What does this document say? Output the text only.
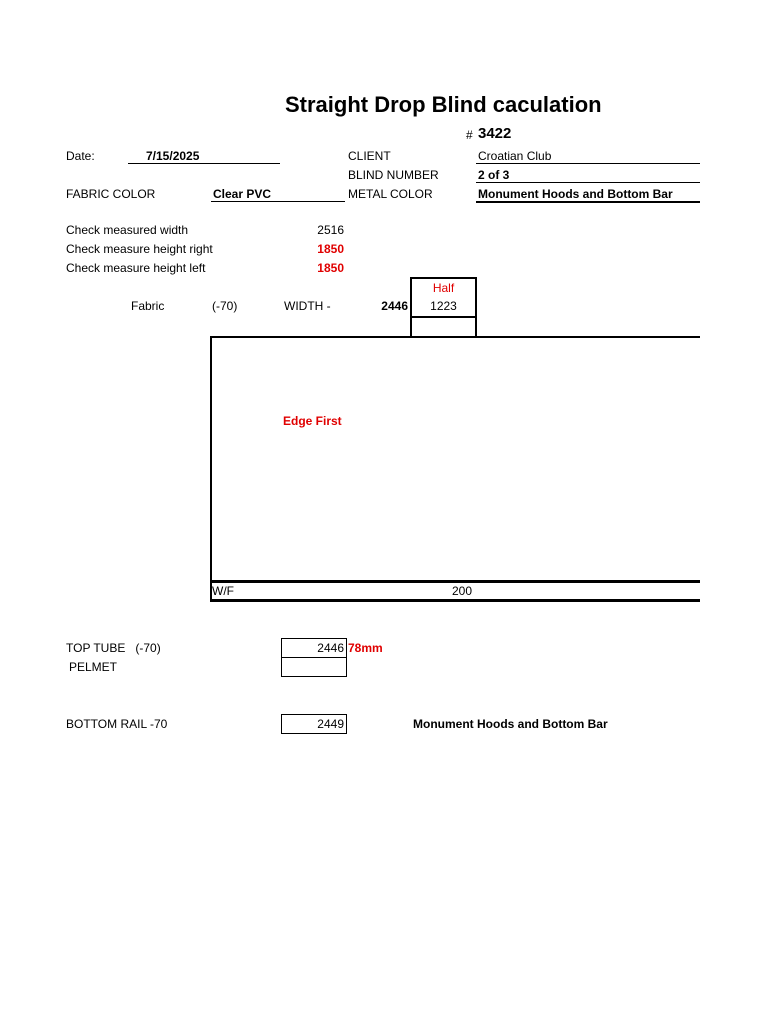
Straight Drop Blind caculation
# 3422
Date:	7/15/2025
FABRIC COLOR	Clear PVC
CLIENT	Croatian Club
BLIND NUMBER	2 of 3
METAL COLOR	Monument Hoods and Bottom Bar
Check measured width	2516
Check measure height right	1850
Check measure height left	1850
Fabric	(-70)	WIDTH -	2446
Half
1223
Edge First
W/F	200
TOP TUBE   (-70)	2446 78mm
PELMET
BOTTOM RAIL -70	2449	Monument Hoods and Bottom Bar
